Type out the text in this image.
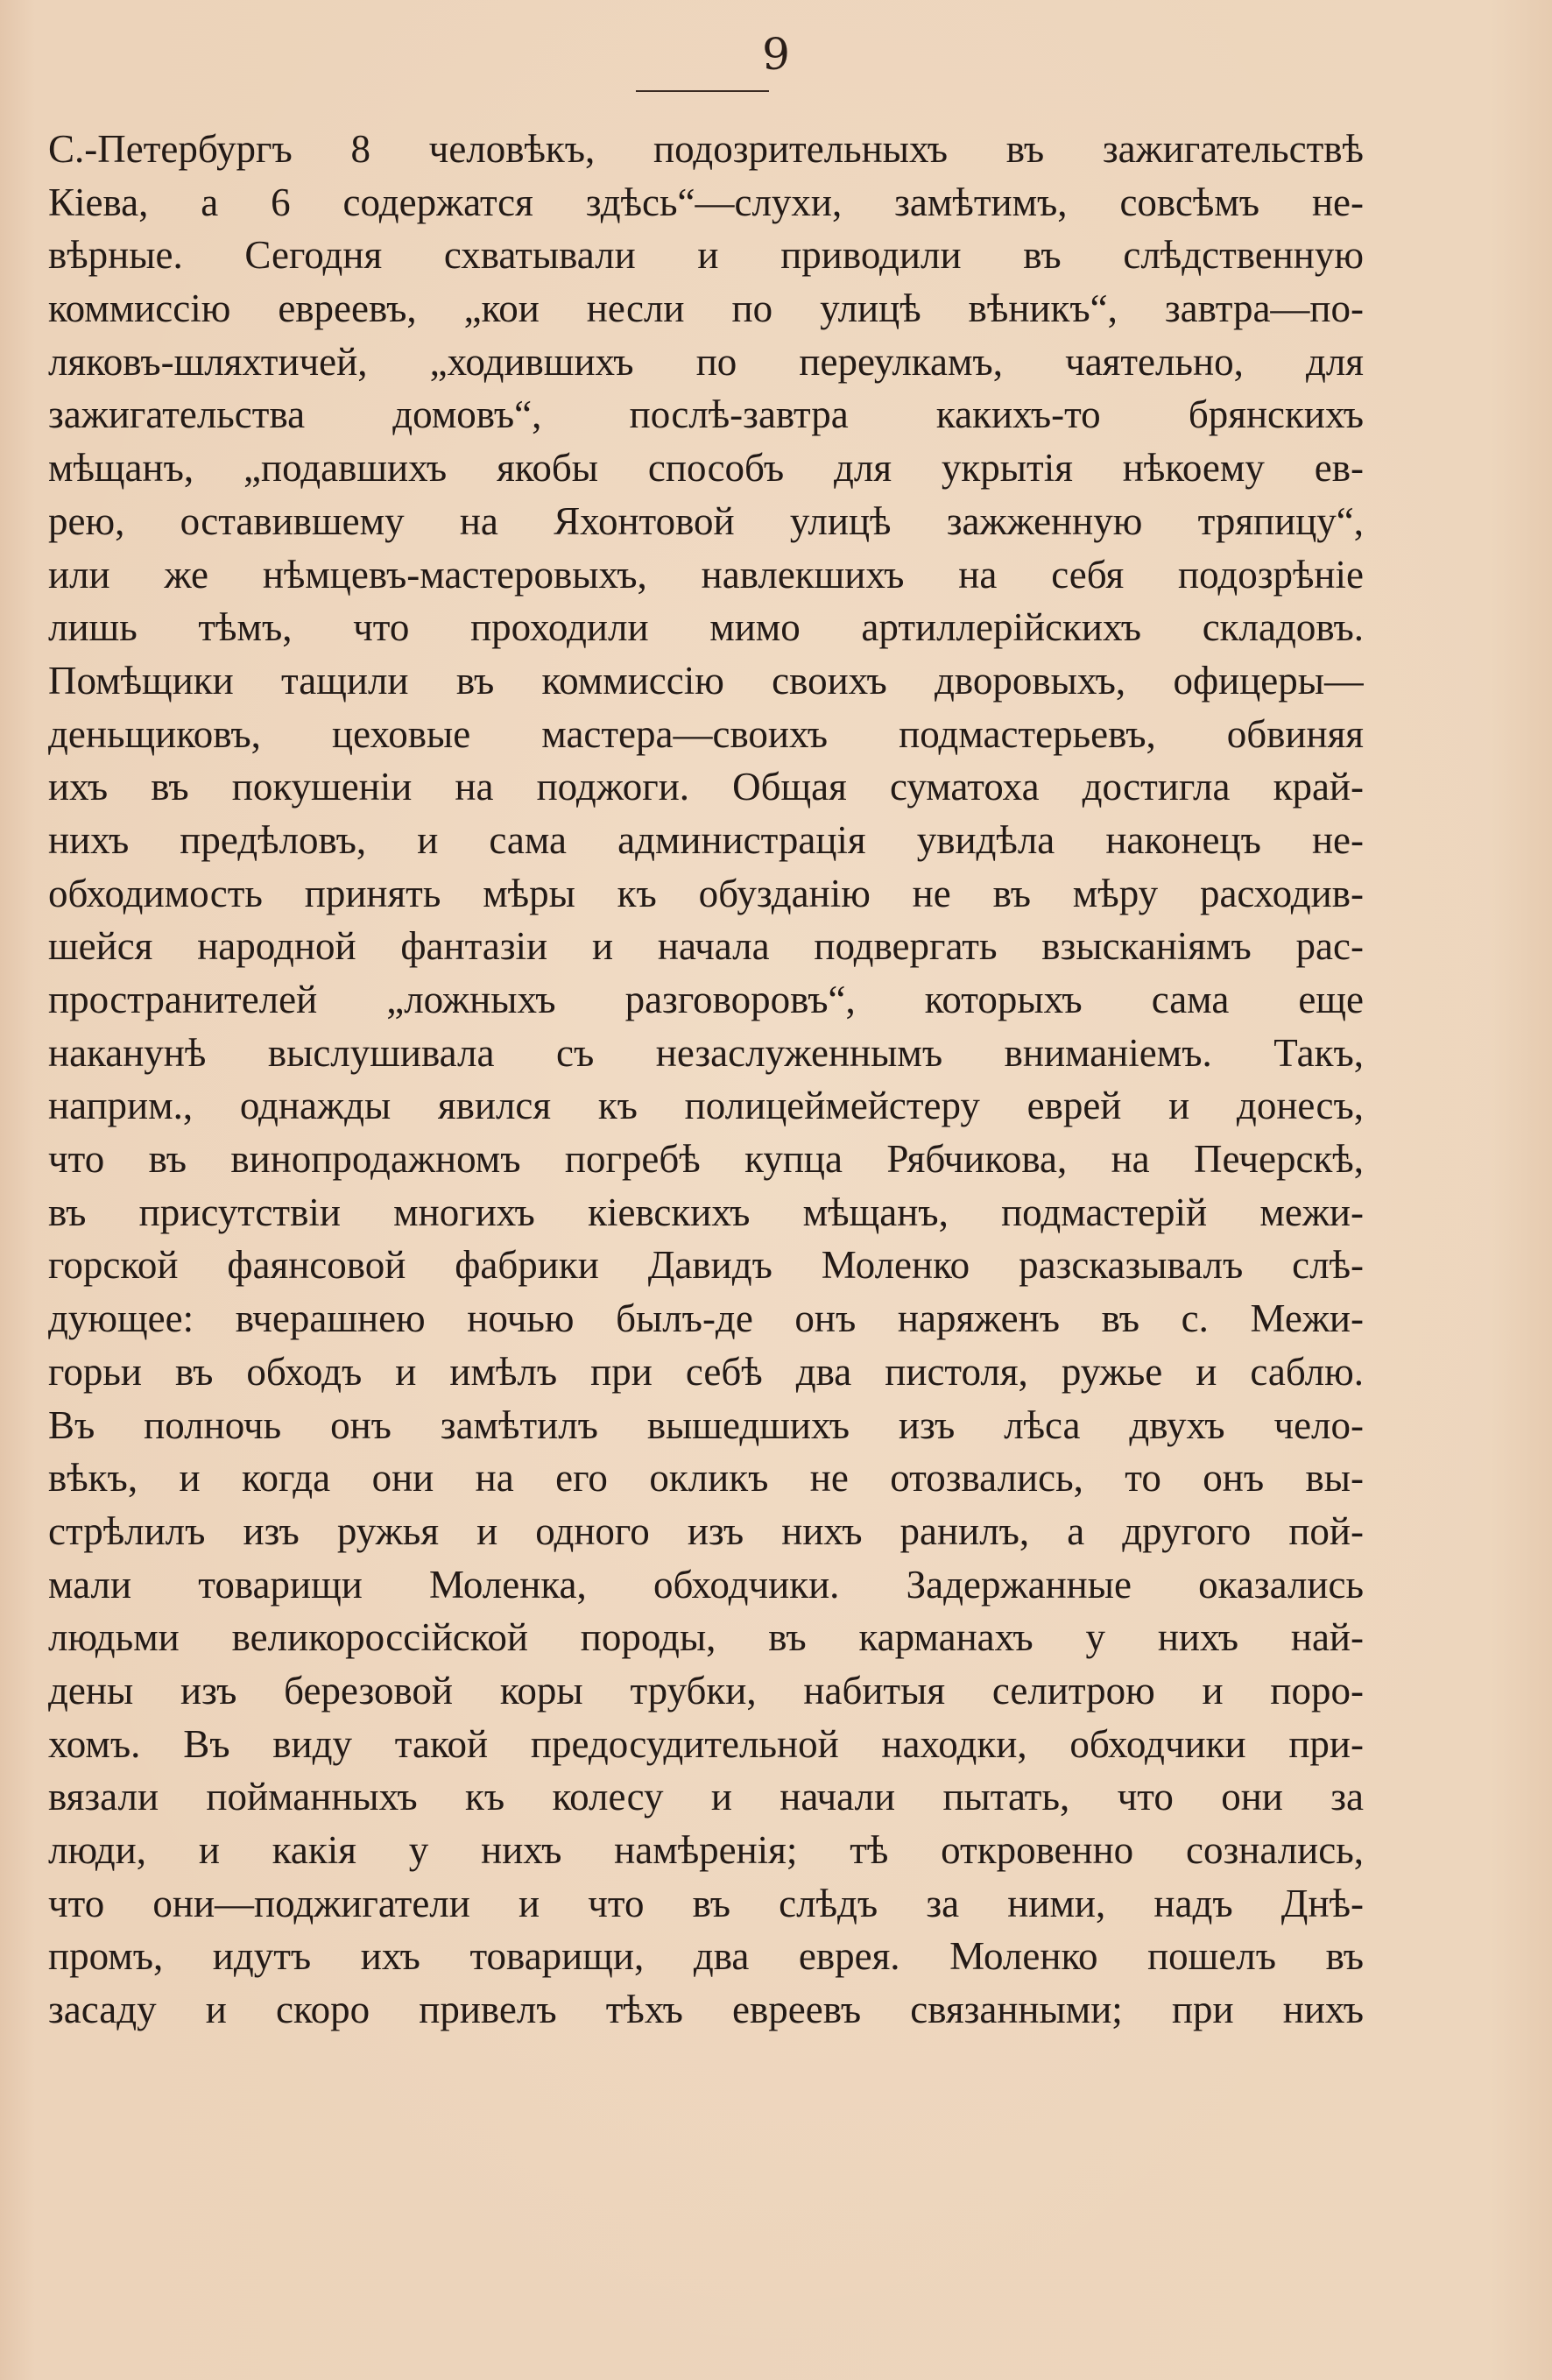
9
С.-Петербургъ 8 человѣкъ, подозрительныхъ въ зажигательствѣ
Кіева, а 6 содержатся здѣсь“—слухи, замѣтимъ, совсѣмъ не-
вѣрные. Сегодня схватывали и приводили въ слѣдственную
коммиссію евреевъ, „кои несли по улицѣ вѣникъ“, завтра—по-
ляковъ-шляхтичей, „ходившихъ по переулкамъ, чаятельно, для
зажигательства домовъ“, послѣ-завтра какихъ-то брянскихъ
мѣщанъ, „подавшихъ якобы способъ для укрытія нѣкоему ев-
рею, оставившему на Яхонтовой улицѣ зажженную тряпицу“,
или же нѣмцевъ-мастеровыхъ, навлекшихъ на себя подозрѣніе
лишь тѣмъ, что проходили мимо артиллерійскихъ складовъ.
Помѣщики тащили въ коммиссію своихъ дворовыхъ, офицеры—
деньщиковъ, цеховые мастера—своихъ подмастерьевъ, обвиняя
ихъ въ покушеніи на поджоги. Общая суматоха достигла край-
нихъ предѣловъ, и сама администрація увидѣла наконецъ не-
обходимость принять мѣры къ обузданію не въ мѣру расходив-
шейся народной фантазіи и начала подвергать взысканіямъ рас-
пространителей „ложныхъ разговоровъ“, которыхъ сама еще
наканунѣ выслушивала съ незаслуженнымъ вниманіемъ. Такъ,
наприм., однажды явился къ полицеймейстеру еврей и донесъ,
что въ винопродажномъ погребѣ купца Рябчикова, на Печерскѣ,
въ присутствіи многихъ кіевскихъ мѣщанъ, подмастерій межи-
горской фаянсовой фабрики Давидъ Моленко разсказывалъ слѣ-
дующее: вчерашнею ночью былъ-де онъ наряженъ въ с. Межи-
горьи въ обходъ и имѣлъ при себѣ два пистоля, ружье и саблю.
Въ полночь онъ замѣтилъ вышедшихъ изъ лѣса двухъ чело-
вѣкъ, и когда они на его окликъ не отозвались, то онъ вы-
стрѣлилъ изъ ружья и одного изъ нихъ ранилъ, а другого пой-
мали товарищи Моленка, обходчики. Задержанные оказались
людьми великороссійской породы, въ карманахъ у нихъ най-
дены изъ березовой коры трубки, набитыя селитрою и поро-
хомъ. Въ виду такой предосудительной находки, обходчики при-
вязали пойманныхъ къ колесу и начали пытать, что они за
люди, и какія у нихъ намѣренія; тѣ откровенно сознались,
что они—поджигатели и что въ слѣдъ за ними, надъ Днѣ-
промъ, идутъ ихъ товарищи, два еврея. Моленко пошелъ въ
засаду и скоро привелъ тѣхъ евреевъ связанными; при нихъ
